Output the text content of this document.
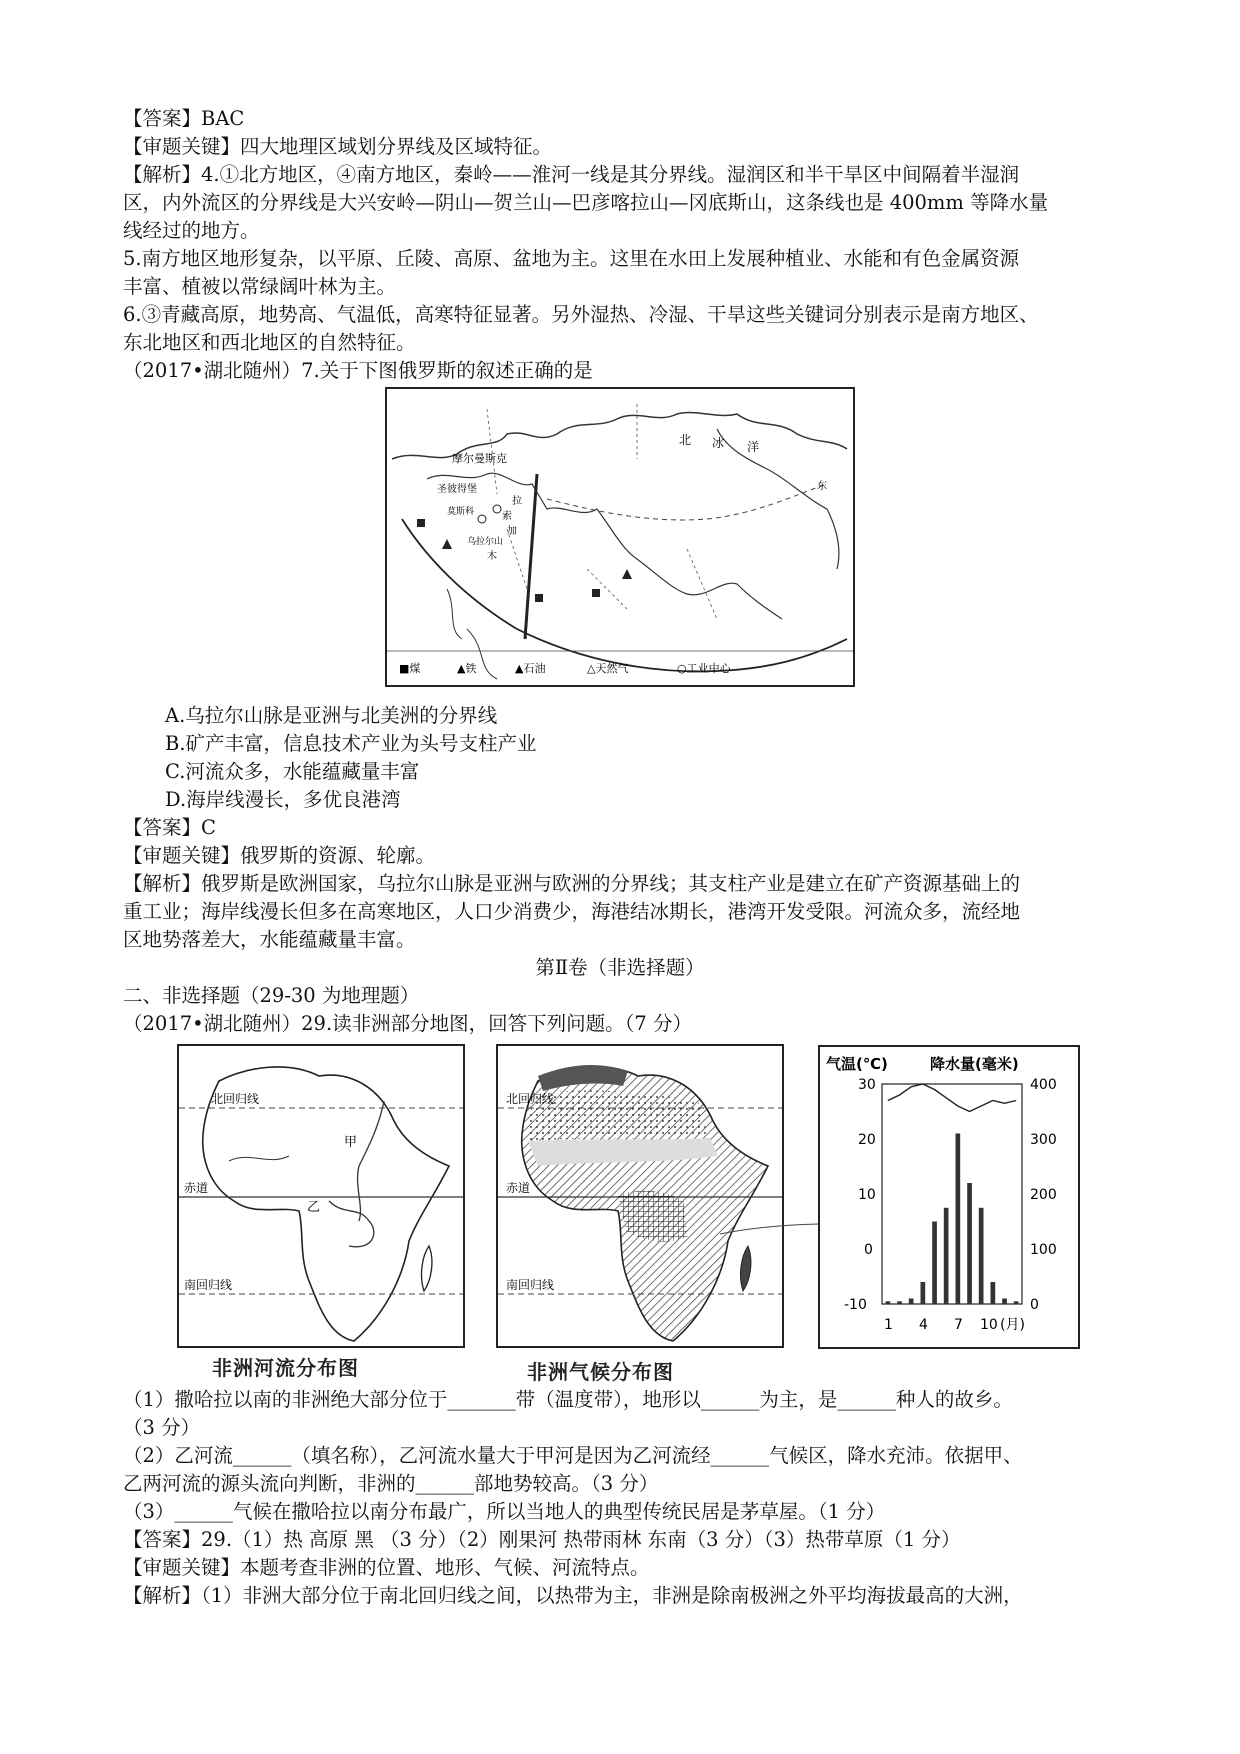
【答案】BAC
【审题关键】四大地理区域划分界线及区域特征。
【解析】4.①北方地区，④南方地区，秦岭——淮河一线是其分界线。湿润区和半干旱区中间隔着半湿润
区，内外流区的分界线是大兴安岭—阴山—贺兰山—巴彦喀拉山—冈底斯山，这条线也是 400mm 等降水量
线经过的地方。
5.南方地区地形复杂，以平原、丘陵、高原、盆地为主。这里在水田上发展种植业、水能和有色金属资源
丰富、植被以常绿阔叶林为主。
6.③青藏高原，地势高、气温低，高寒特征显著。另外湿热、冷湿、干旱这些关键词分别表示是南方地区、
东北地区和西北地区的自然特征。
（2017•湖北随州）7.关于下图俄罗斯的叙述正确的是
摩尔曼斯克
圣彼得堡
乌拉尔山
莫斯科
北 冰 洋
拉
索
加
木
东
■煤	▲铁	▲石油	△天然气	○工业中心
A.乌拉尔山脉是亚洲与北美洲的分界线
B.矿产丰富，信息技术产业为头号支柱产业
C.河流众多，水能蕴藏量丰富
D.海岸线漫长，多优良港湾
【答案】C
【审题关键】俄罗斯的资源、轮廓。
【解析】俄罗斯是欧洲国家，乌拉尔山脉是亚洲与欧洲的分界线；其支柱产业是建立在矿产资源基础上的
重工业；海岸线漫长但多在高寒地区，人口少消费少，海港结冰期长，港湾开发受限。河流众多，流经地
区地势落差大，水能蕴藏量丰富。
第Ⅱ卷（非选择题）
二、非选择题（29-30 为地理题）
（2017•湖北随州）29.读非洲部分地图，回答下列问题。（7 分）
北回归线
甲
乙
赤道
南回归线
北回归线
赤道
南回归线
气温(℃)	降水量(毫米)
30
20
10
0
-10
400
300
200
100
0
1 4 7 10 (月)
非洲河流分布图	非洲气候分布图
（1）撒哈拉以南的非洲绝大部分位于_______带（温度带），地形以______为主，是______种人的故乡。
（3 分）
（2）乙河流______（填名称），乙河流水量大于甲河是因为乙河流经______气候区，降水充沛。依据甲、
乙两河流的源头流向判断，非洲的______部地势较高。（3 分）
（3）______气候在撒哈拉以南分布最广，所以当地人的典型传统民居是茅草屋。（1 分）
【答案】29.（1）热 高原 黑 （3 分）（2）刚果河 热带雨林 东南（3 分）（3）热带草原（1 分）
【审题关键】本题考查非洲的位置、地形、气候、河流特点。
【解析】（1）非洲大部分位于南北回归线之间，以热带为主，非洲是除南极洲之外平均海拔最高的大洲，
